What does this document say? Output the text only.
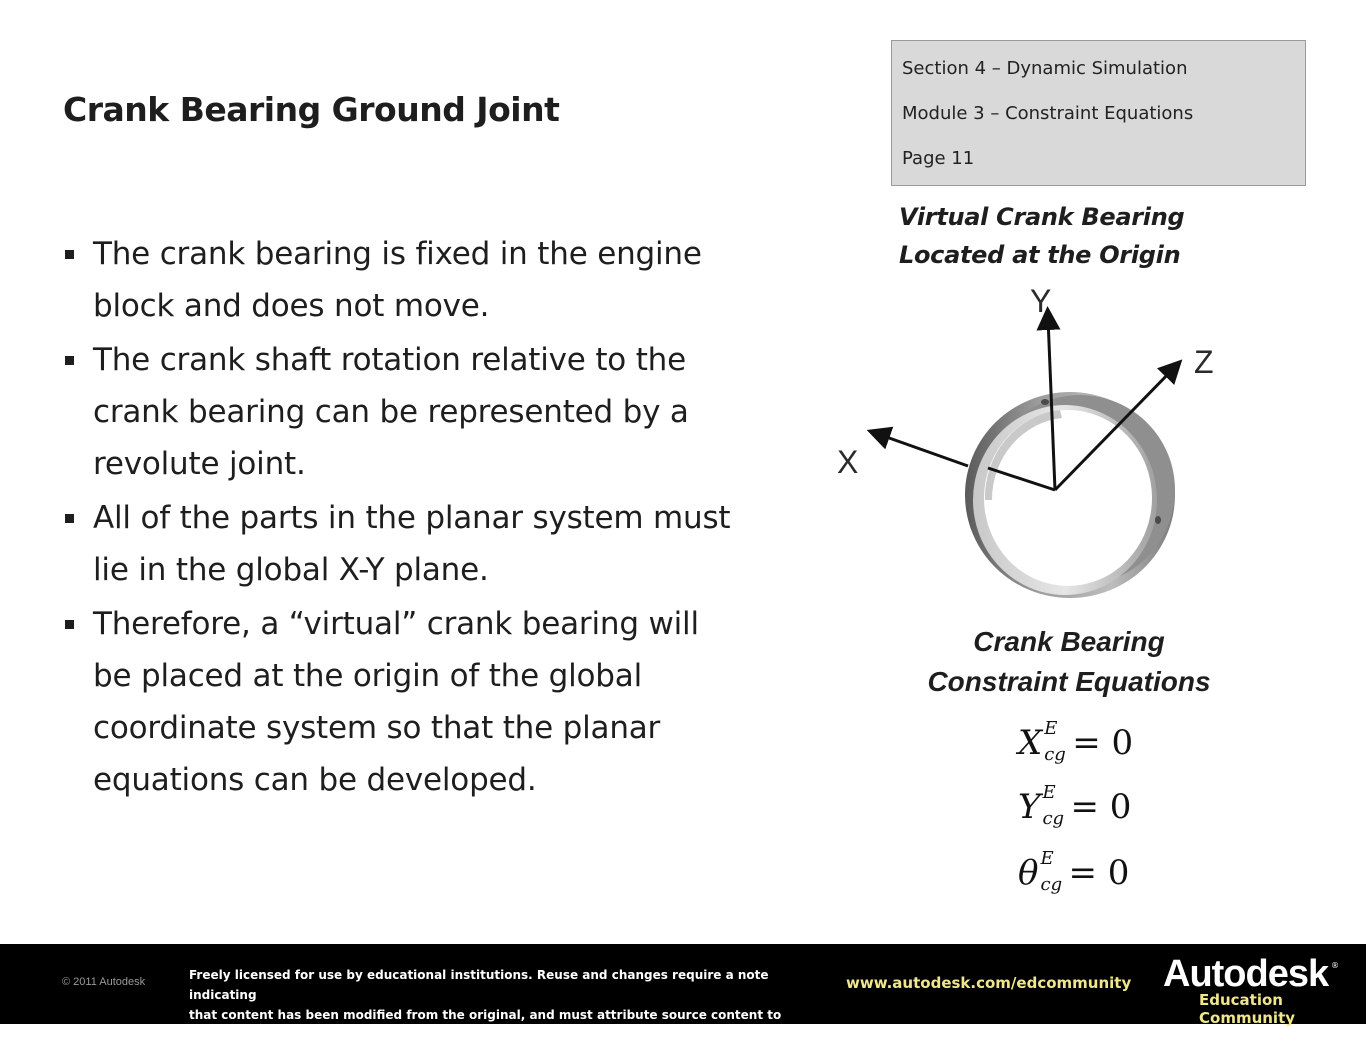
Crank Bearing Ground Joint
Section 4 – Dynamic Simulation
Module 3 – Constraint Equations
Page 11
The crank bearing is fixed in the engine block and does not move.
The crank shaft rotation relative to the crank bearing can be represented by a revolute joint.
All of the parts in the planar system must lie in the global X-Y plane.
Therefore, a “virtual” crank bearing will be placed at the origin of the global coordinate system so that the planar equations can be developed.
Virtual Crank Bearing
Located at the Origin
Y
Z
X
Crank Bearing
Constraint Equations
X E
cg = 0
Y E
cg = 0
θ E
cg = 0
© 2011 Autodesk	Freely licensed for use by educational institutions. Reuse and changes require a note indicating
that content has been modified from the original, and must attribute source content to Autodesk.
www.autodesk.com/edcommunity Autodesk ®
Education Community
